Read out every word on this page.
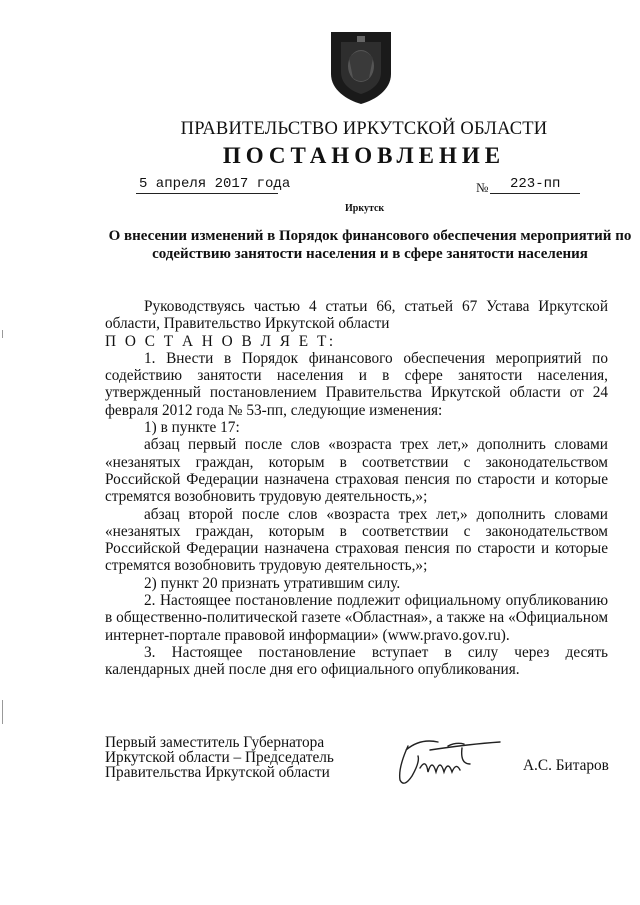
ПРАВИТЕЛЬСТВО ИРКУТСКОЙ ОБЛАСТИ
ПОСТАНОВЛЕНИЕ
5 апреля 2017 года	№ 223-пп
Иркутск
О внесении изменений в Порядок финансового обеспечения мероприятий по содействию занятости населения и в сфере занятости населения

Руководствуясь частью 4 статьи 66, статьей 67 Устава Иркутской области, Правительство Иркутской области

П О С Т А Н О В Л Я Е Т:

1. Внести в Порядок финансового обеспечения мероприятий по содействию занятости населения и в сфере занятости населения, утвержденный постановлением Правительства Иркутской области от 24 февраля 2012 года № 53-пп, следующие изменения:

1) в пункте 17:

абзац первый после слов «возраста трех лет,» дополнить словами «незанятых граждан, которым в соответствии с законодательством Российской Федерации назначена страховая пенсия по старости и которые стремятся возобновить трудовую деятельность,»;

абзац второй после слов «возраста трех лет,» дополнить словами «незанятых граждан, которым в соответствии с законодательством Российской Федерации назначена страховая пенсия по старости и которые стремятся возобновить трудовую деятельность,»;

2) пункт 20 признать утратившим силу.

2. Настоящее постановление подлежит официальному опубликованию в общественно-политической газете «Областная», а также на «Официальном интернет-портале правовой информации» (www.pravo.gov.ru).

3. Настоящее постановление вступает в силу через десять календарных дней после дня его официального опубликования.

Первый заместитель Губернатора
Иркутской области – Председатель
Правительства Иркутской области	А.С. Битаров
